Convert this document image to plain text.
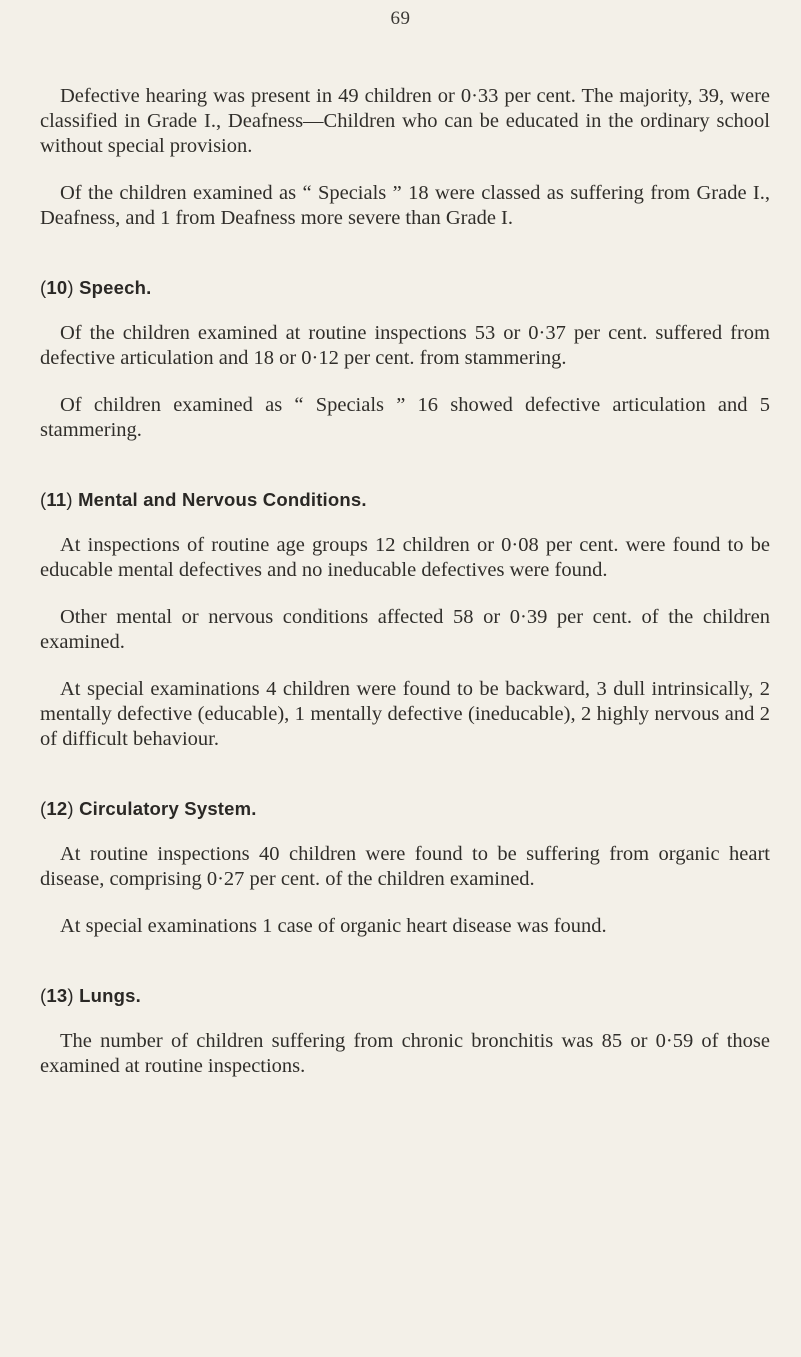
69

Defective hearing was present in 49 children or 0·33 per cent. The majority, 39, were classified in Grade I., Deafness—Children who can be educated in the ordinary school without special provision.

Of the children examined as “ Specials ” 18 were classed as suffering from Grade I., Deafness, and 1 from Deafness more severe than Grade I.

(10) Speech.

Of the children examined at routine inspections 53 or 0·37 per cent. suffered from defective articulation and 18 or 0·12 per cent. from stammering.

Of children examined as “ Specials ” 16 showed defective articulation and 5 stammering.

(11) Mental and Nervous Conditions.

At inspections of routine age groups 12 children or 0·08 per cent. were found to be educable mental defectives and no ineducable defectives were found.

Other mental or nervous conditions affected 58 or 0·39 per cent. of the children examined.

At special examinations 4 children were found to be backward, 3 dull intrinsically, 2 mentally defective (educable), 1 mentally defective (ineducable), 2 highly nervous and 2 of difficult behaviour.

(12) Circulatory System.

At routine inspections 40 children were found to be suffering from organic heart disease, comprising 0·27 per cent. of the children examined.

At special examinations 1 case of organic heart disease was found.

(13) Lungs.

The number of children suffering from chronic bronchitis was 85 or 0·59 of those examined at routine inspections.
